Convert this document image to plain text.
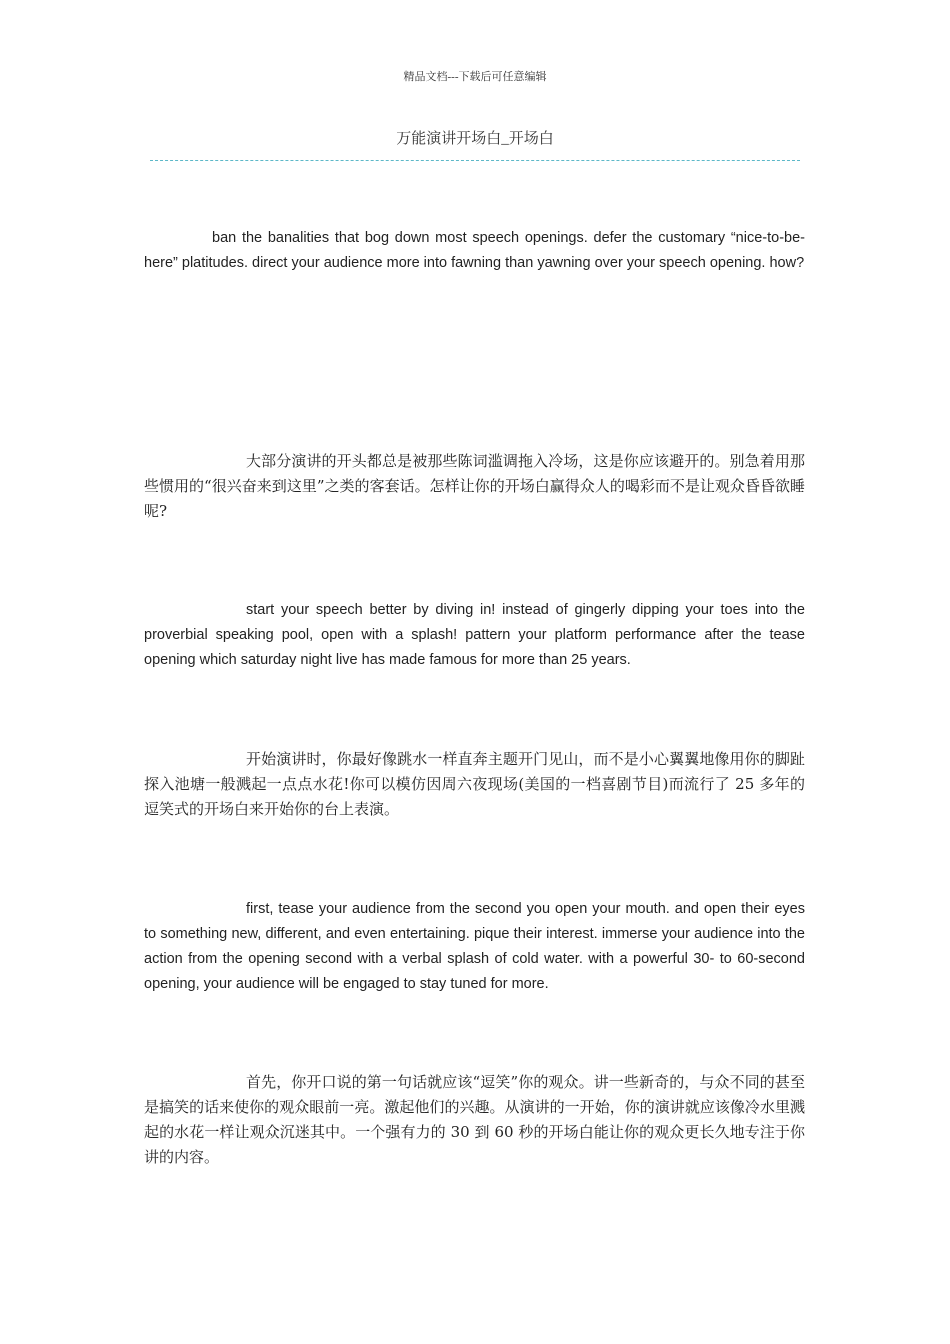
精品文档---下载后可任意编辑
万能演讲开场白_开场白

ban the banalities that bog down most speech openings. defer the customary “nice-to-be-here” platitudes. direct your audience more into fawning than yawning over your speech opening. how?

大部分演讲的开头都总是被那些陈词滥调拖入冷场，这是你应该避开的。别急着用那些惯用的“很兴奋来到这里”之类的客套话。怎样让你的开场白赢得众人的喝彩而不是让观众昏昏欲睡呢?

start your speech better by diving in! instead of gingerly dipping your toes into the proverbial speaking pool, open with a splash! pattern your platform performance after the tease opening which saturday night live has made famous for more than 25 years.

开始演讲时，你最好像跳水一样直奔主题开门见山，而不是小心翼翼地像用你的脚趾探入池塘一般溅起一点点水花!你可以模仿因周六夜现场(美国的一档喜剧节目)而流行了 25 多年的逗笑式的开场白来开始你的台上表演。

first, tease your audience from the second you open your mouth. and open their eyes to something new, different, and even entertaining. pique their interest. immerse your audience into the action from the opening second with a verbal splash of cold water. with a powerful 30- to 60-second opening, your audience will be engaged to stay tuned for more.

首先，你开口说的第一句话就应该“逗笑”你的观众。讲一些新奇的，与众不同的甚至是搞笑的话来使你的观众眼前一亮。激起他们的兴趣。从演讲的一开始，你的演讲就应该像冷水里溅起的水花一样让观众沉迷其中。一个强有力的 30 到 60 秒的开场白能让你的观众更长久地专注于你讲的内容。
